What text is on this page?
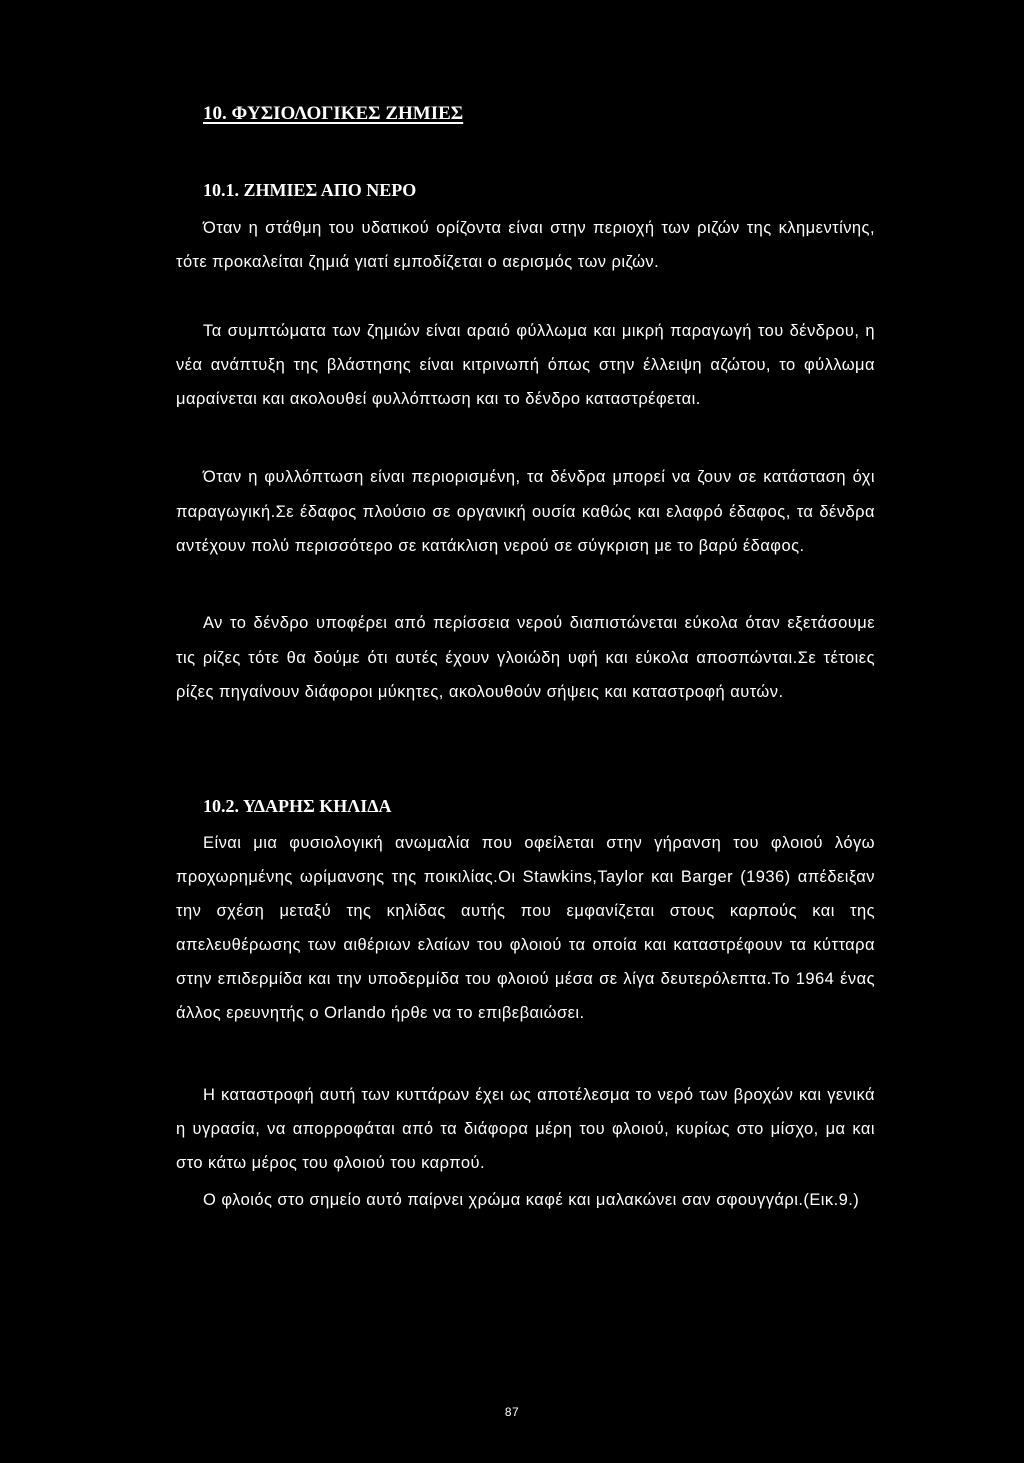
10. ΦΥΣΙΟΛΟΓΙΚΕΣ ΖΗΜΙΕΣ
10.1. ΖΗΜΙΕΣ ΑΠΟ ΝΕΡΟ
Όταν η στάθμη του υδατικού ορίζοντα είναι στην περιοχή των ριζών της κλημεντίνης, τότε προκαλείται ζημιά γιατί εμποδίζεται ο αερισμός των ριζών.
Τα συμπτώματα των ζημιών είναι αραιό φύλλωμα και μικρή παραγωγή του δένδρου, η νέα ανάπτυξη της βλάστησης είναι κιτρινωπή όπως στην έλλειψη αζώτου, το φύλλωμα μαραίνεται και ακολουθεί φυλλόπτωση και το δένδρο καταστρέφεται.
Όταν η φυλλόπτωση είναι περιορισμένη, τα δένδρα μπορεί να ζουν σε κατάσταση όχι παραγωγική.Σε έδαφος πλούσιο σε οργανική ουσία καθώς και ελαφρό έδαφος, τα δένδρα αντέχουν πολύ περισσότερο σε κατάκλιση νερού σε σύγκριση με το βαρύ έδαφος.
Αν το δένδρο υποφέρει από περίσσεια νερού διαπιστώνεται εύκολα όταν εξετάσουμε τις ρίζες τότε θα δούμε ότι αυτές έχουν γλοιώδη υφή και εύκολα αποσπώνται.Σε τέτοιες ρίζες πηγαίνουν διάφοροι μύκητες, ακολουθούν σήψεις και καταστροφή αυτών.
10.2. ΥΔΑΡΗΣ ΚΗΛΙΔΑ
Είναι μια φυσιολογική ανωμαλία που οφείλεται στην γήρανση του φλοιού λόγω προχωρημένης ωρίμανσης της ποικιλίας.Οι Stawkins,Taylor και Barger (1936) απέδειξαν την σχέση μεταξύ της κηλίδας αυτής που εμφανίζεται στους καρπούς και της απελευθέρωσης των αιθέριων ελαίων του φλοιού τα οποία και καταστρέφουν τα κύτταρα στην επιδερμίδα και την υποδερμίδα του φλοιού μέσα σε λίγα δευτερόλεπτα.Το 1964 ένας άλλος ερευνητής ο Orlando ήρθε να το επιβεβαιώσει.
Η καταστροφή αυτή των κυττάρων έχει ως αποτέλεσμα το νερό των βροχών και γενικά η υγρασία, να απορροφάται από τα διάφορα μέρη του φλοιού, κυρίως στο μίσχο, μα και στο κάτω μέρος του φλοιού του καρπού.
Ο φλοιός στο σημείο αυτό παίρνει χρώμα καφέ και μαλακώνει σαν σφουγγάρι.(Εικ.9.)
87
